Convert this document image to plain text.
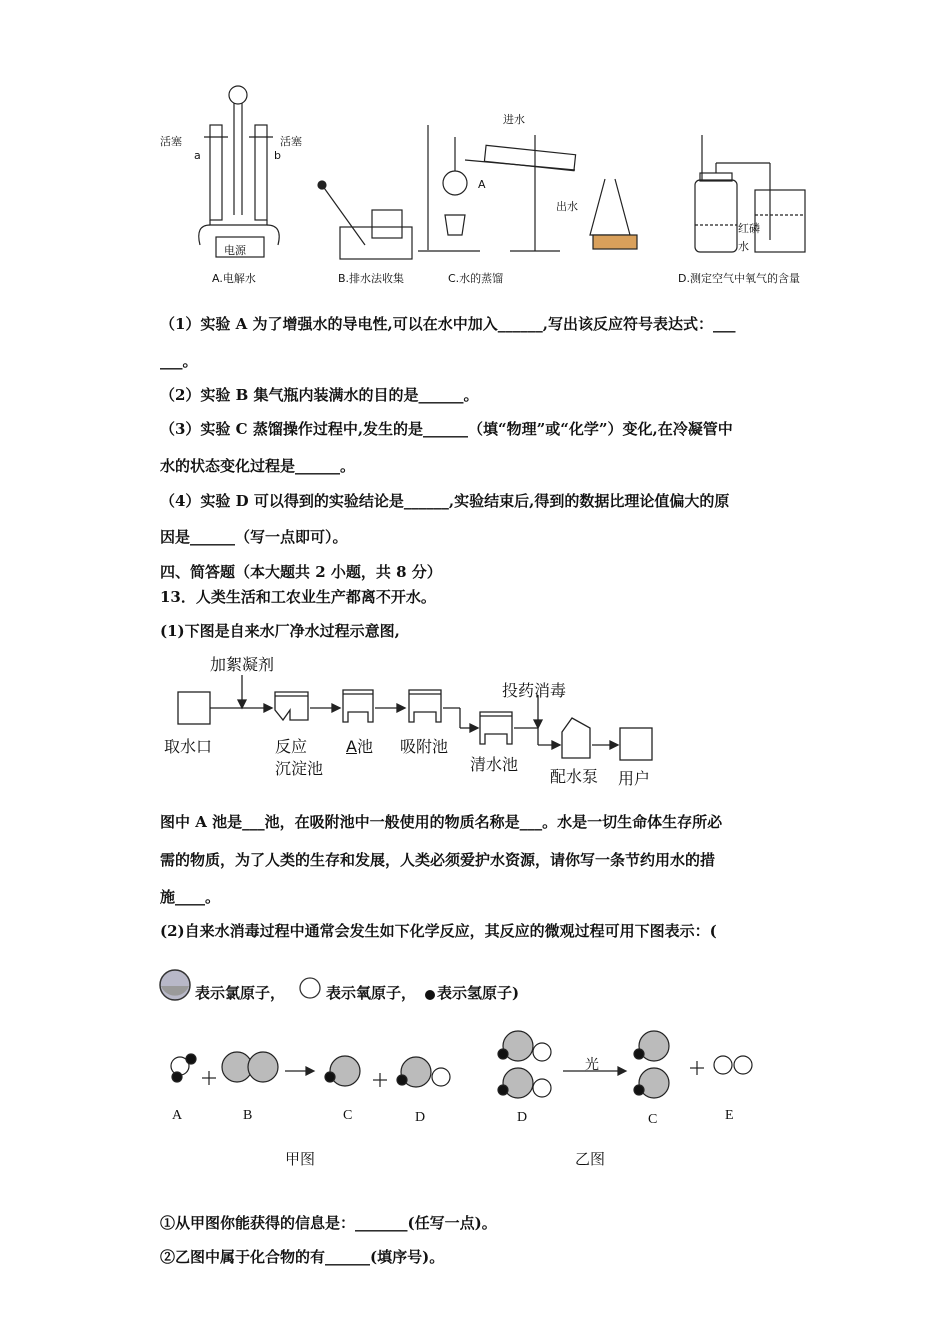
活塞	活塞
a	b
电源
进水
出水
A
红磷
水
A.电解水	B.排水法收集	C.水的蒸馏	D.测定空气中氧气的含量
（1）实验 A 为了增强水的导电性,可以在水中加入______,写出该反应符号表达式：___
___。
（2）实验 B 集气瓶内装满水的目的是______。
（3）实验 C 蒸馏操作过程中,发生的是______（填“物理”或“化学”）变化,在冷凝管中
水的状态变化过程是______。
（4）实验 D 可以得到的实验结论是______,实验结束后,得到的数据比理论值偏大的原
因是______（写一点即可）。
四、简答题（本大题共 2 小题，共 8 分）
13．人类生活和工农业生产都离不开水。
(1)下图是自来水厂净水过程示意图,
加絮凝剂
投药消毒
取水口	反应
沉淀池
A池 吸附池
清水池
配水泵 用户
图中 A 池是___池，在吸附池中一般使用的物质名称是___。水是一切生命体生存所必
需的物质，为了人类的生存和发展，人类必须爱护水资源，请你写一条节约用水的措
施____。
(2)自来水消毒过程中通常会发生如下化学反应，其反应的微观过程可用下图表示：(
表示氯原子，	表示氧原子， 表示氢原子)
A	B	C	D	D	C	E
光
甲图	乙图
①从甲图你能获得的信息是：_______(任写一点)。
②乙图中属于化合物的有______(填序号)。
